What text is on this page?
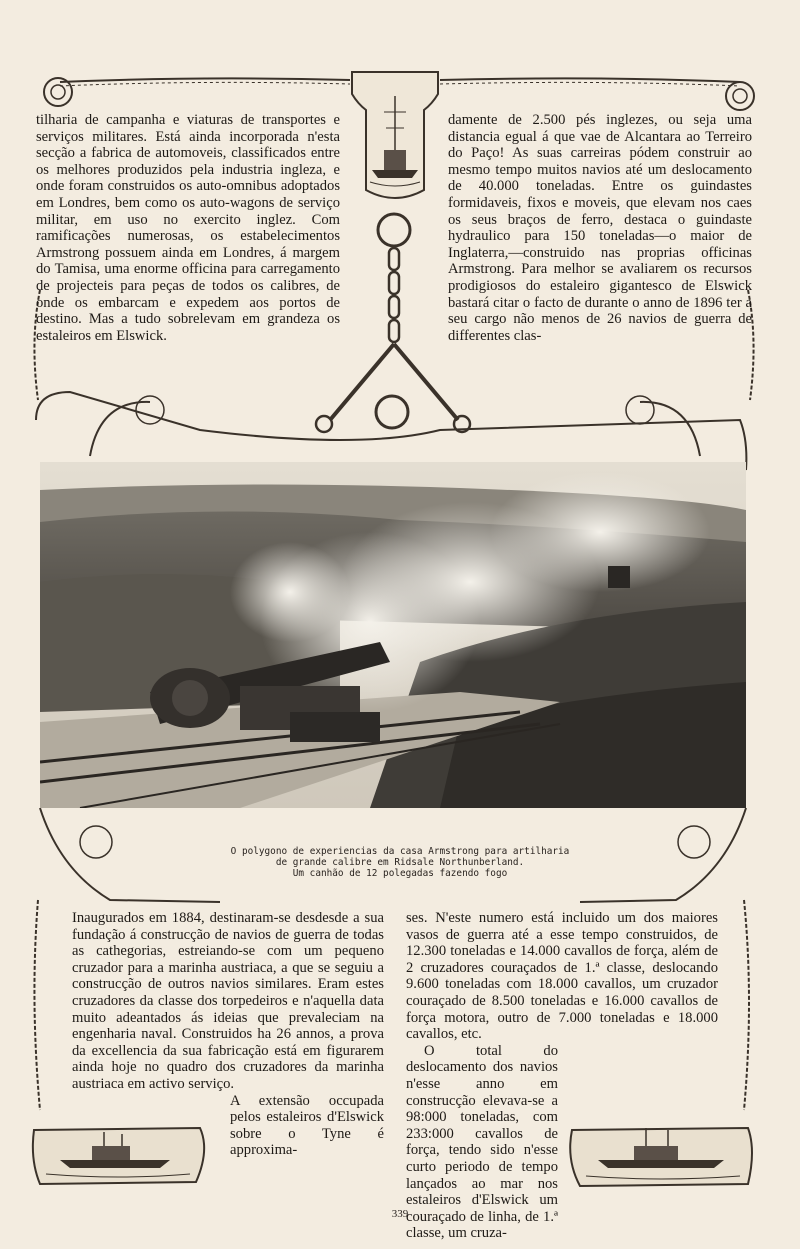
tilharia de campanha e viaturas de transportes e serviços militares. Está ainda incorporada n'esta secção a fabrica de automoveis, classificados entre os melhores produzidos pela industria ingleza, e onde foram construidos os auto-omnibus adoptados em Londres, bem como os auto-wagons de serviço militar, em uso no exercito inglez. Com ramificações numerosas, os estabelecimentos Armstrong possuem ainda em Londres, á margem do Tamisa, uma enorme officina para carregamento de projecteis para peças de todos os calibres, de onde os embarcam e expedem aos portos de destino. Mas a tudo sobrelevam em grandeza os estaleiros em Elswick.

damente de 2.500 pés inglezes, ou seja uma distancia egual á que vae de Alcantara ao Terreiro do Paço! As suas carreiras pódem construir ao mesmo tempo muitos navios até um deslocamento de 40.000 toneladas. Entre os guindastes formidaveis, fixos e moveis, que elevam nos caes os seus braços de ferro, destaca o guindaste hydraulico para 150 toneladas—o maior de Inglaterra,—construido nas proprias officinas Armstrong. Para melhor se avaliarem os recursos prodigiosos do estaleiro gigantesco de Elswick bastará citar o facto de durante o anno de 1896 ter a seu cargo não menos de 26 navios de guerra de differentes clas-

O polygono de experiencias da casa Armstrong para artilharia
de grande calibre em Ridsale Northunberland.
Um canhão de 12 polegadas fazendo fogo

Inaugurados em 1884, destinaram-se desdesde a sua fundação á construcção de navios de guerra de todas as cathegorias, estreiando-se com um pequeno cruzador para a marinha austriaca, a que se seguiu a construcção de outros navios similares. Eram estes cruzadores da classe dos torpedeiros e n'aquella data muito adeantados ás ideias que prevaleciam na engenharia naval. Construidos ha 26 annos, a prova da excellencia da sua fabricação está em figurarem ainda hoje no quadro dos cruzadores da marinha austriaca em activo serviço.

A extensão occupada pelos estaleiros d'Elswick sobre o Tyne é approxima-

ses. N'este numero está incluido um dos maiores vasos de guerra até a esse tempo construidos, de 12.300 toneladas e 14.000 cavallos de força, além de 2 cruzadores couraçados de 1.ª classe, deslocando 9.600 toneladas com 18.000 cavallos, um cruzador couraçado de 8.500 toneladas e 16.000 cavallos de força motora, outro de 7.000 toneladas e 18.000 cavallos, etc.

O total do deslocamento dos navios n'esse anno em construcção elevava-se a 98:000 toneladas, com 233:000 cavallos de força, tendo sido n'esse curto periodo de tempo lançados ao mar nos estaleiros d'Elswick um couraçado de linha, de 1.ª classe, um cruza-

339
